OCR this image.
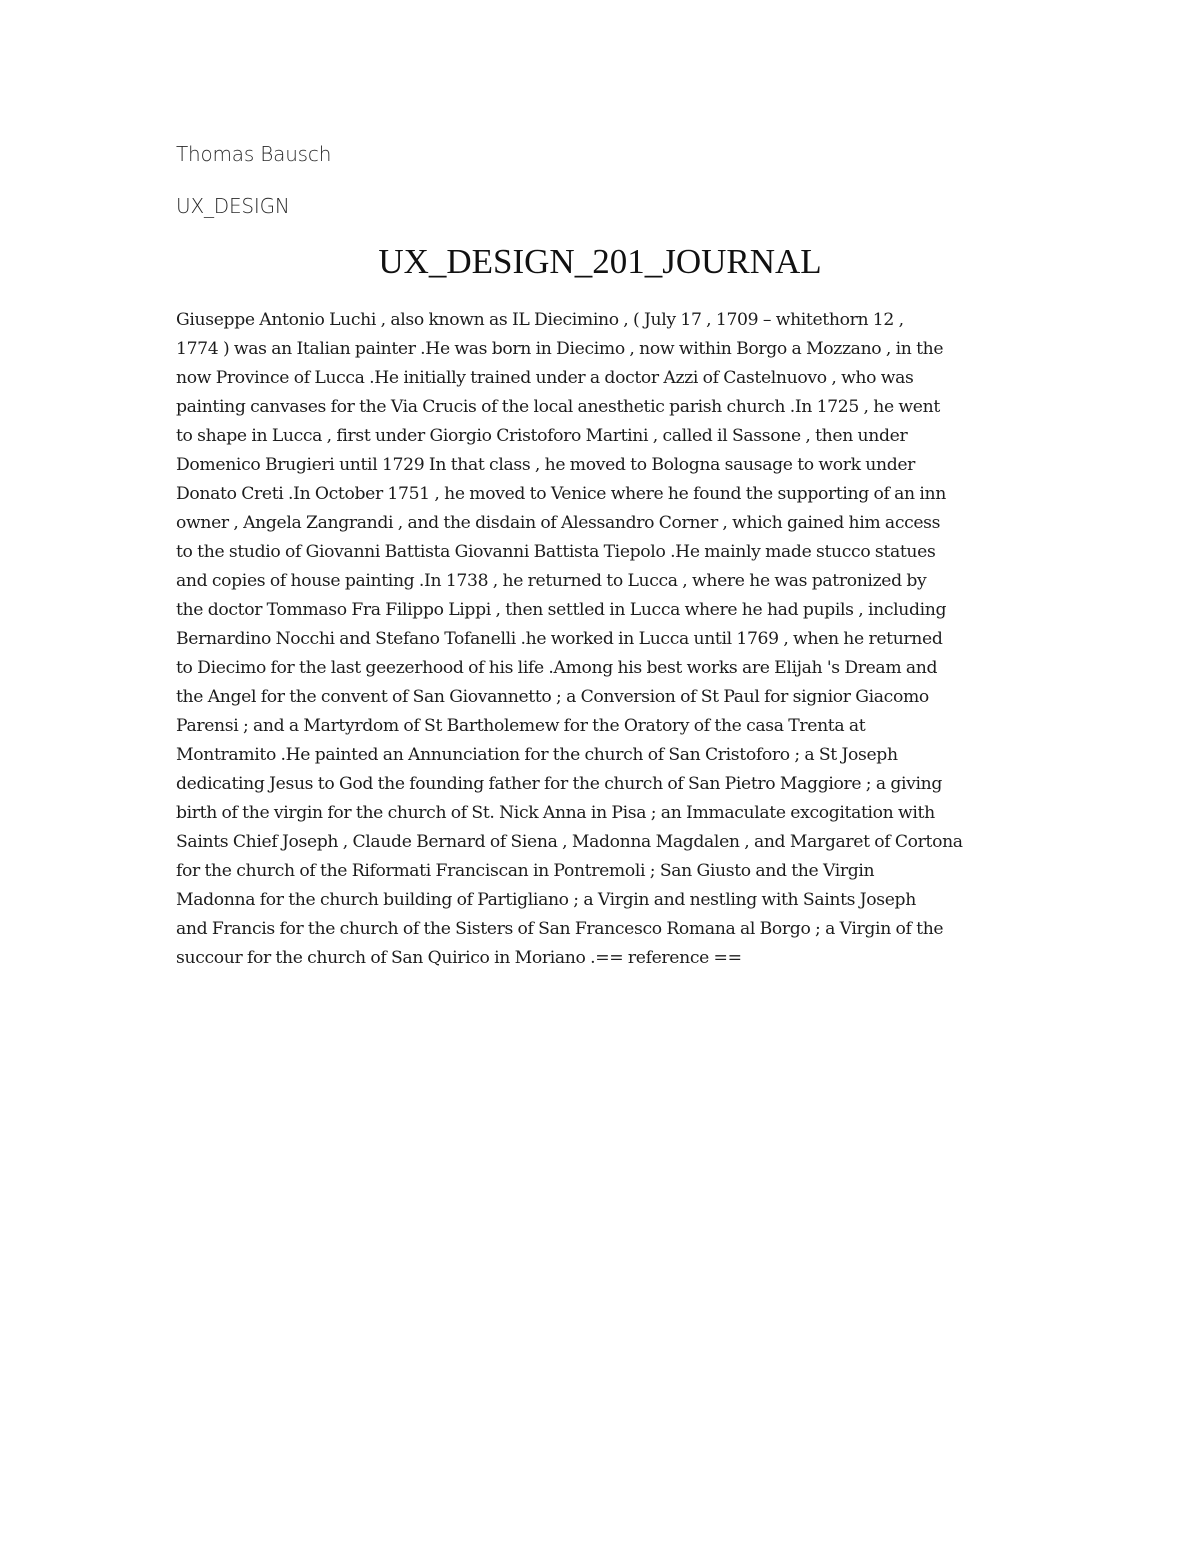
Thomas Bausch
UX_DESIGN
UX_DESIGN_201_JOURNAL
Giuseppe Antonio Luchi , also known as IL Diecimino , ( July 17 , 1709 – whitethorn 12 ,
1774 ) was an Italian painter .He was born in Diecimo , now within Borgo a Mozzano , in the
now Province of Lucca .He initially trained under a doctor Azzi of Castelnuovo , who was
painting canvases for the Via Crucis of the local anesthetic parish church .In 1725 , he went
to shape in Lucca , first under Giorgio Cristoforo Martini , called il Sassone , then under
Domenico Brugieri until 1729 In that class , he moved to Bologna sausage to work under
Donato Creti .In October 1751 , he moved to Venice where he found the supporting of an inn
owner , Angela Zangrandi , and the disdain of Alessandro Corner , which gained him access
to the studio of Giovanni Battista Giovanni Battista Tiepolo .He mainly made stucco statues
and copies of house painting .In 1738 , he returned to Lucca , where he was patronized by
the doctor Tommaso Fra Filippo Lippi , then settled in Lucca where he had pupils , including
Bernardino Nocchi and Stefano Tofanelli .he worked in Lucca until 1769 , when he returned
to Diecimo for the last geezerhood of his life .Among his best works are Elijah 's Dream and
the Angel for the convent of San Giovannetto ; a Conversion of St Paul for signior Giacomo
Parensi ; and a Martyrdom of St Bartholemew for the Oratory of the casa Trenta at
Montramito .He painted an Annunciation for the church of San Cristoforo ; a St Joseph
dedicating Jesus to God the founding father for the church of San Pietro Maggiore ; a giving
birth of the virgin for the church of St. Nick Anna in Pisa ; an Immaculate excogitation with
Saints Chief Joseph , Claude Bernard of Siena , Madonna Magdalen , and Margaret of Cortona
for the church of the Riformati Franciscan in Pontremoli ; San Giusto and the Virgin
Madonna for the church building of Partigliano ; a Virgin and nestling with Saints Joseph
and Francis for the church of the Sisters of San Francesco Romana al Borgo ; a Virgin of the
succour for the church of San Quirico in Moriano .== reference ==
